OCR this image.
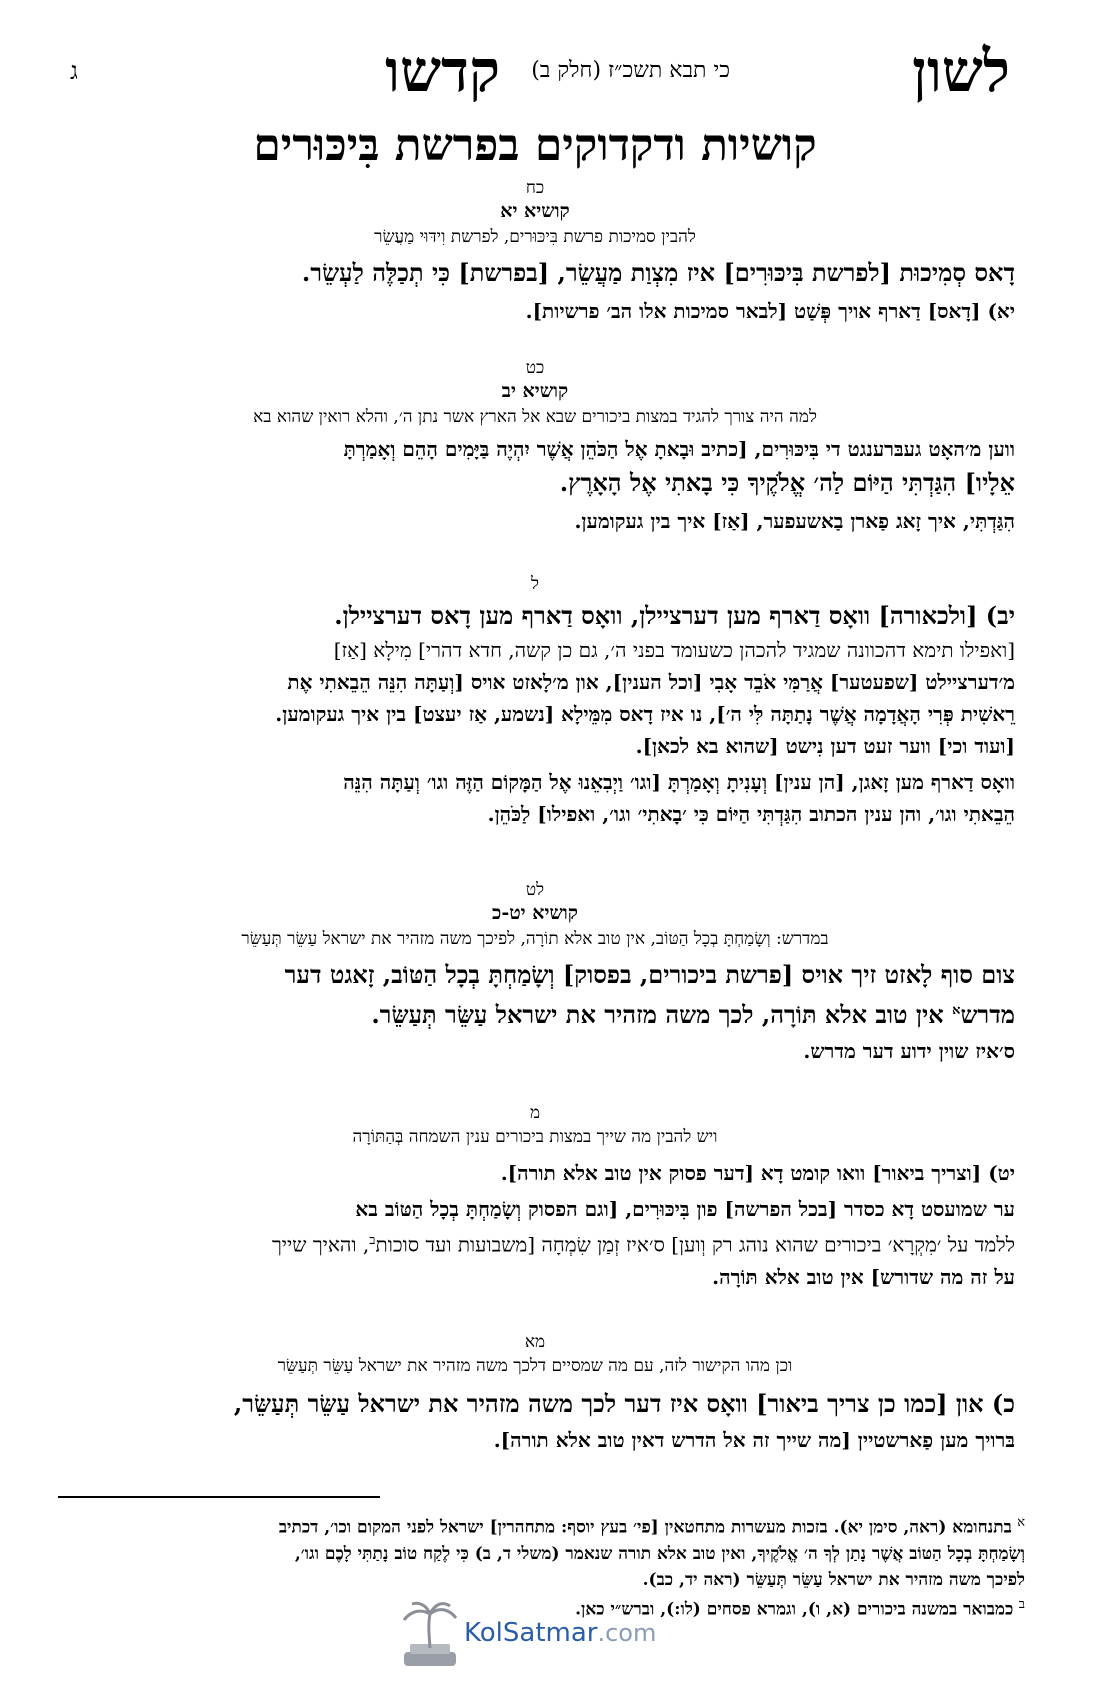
לשון
כי תבא תשכ״ז (חלק ב)
קדשו
ג
קושיות ודקדוקים בפרשת בִּיכּוּרים

כח

קושיא יא

להבין סמיכות פרשת בִּיכּוּרים, לפרשת וִידּוּי מַעֲשֵׂר

דָאס סְמִיכוּת [לפרשת בִּיכּוּרִים] איז מִצְוַת מַעֲשֵׂר, [בפרשת] כִּי תְכַלֶּה לַעְשֵׂר.

יא) [דָאס] דַארף אויך פְּשַׁט [לבאר סמיכות אלו הב׳ פרשיות].

כט

קושיא יב

למה היה צורך להגיד במצות ביכורים שבא אל הארץ אשר נתן ה׳, והלא רואין שהוא בא

ווען מ׳האָט געבּרענגט די בִּיכּוּרִים, [כתיב וּבָאתָ אֶל הַכֹּהֵן אֲשֶׁר יִהְיֶה בַּיָּמִים הָהֵם וְאָמַרְתָּ

אֵלָיו] הִגַּדְתִּי הַיּוֹם לַה׳ אֱלֹקֶיךָ כִּי בָאתִי אֶל הָאָרֶץ.

הִגַּדְתִּי, איך זָאג פַארן בַאשעפער, [אַז] איך בין געקומען.

ל

יב) [ולכאורה] וואָס דַארף מען דערציילן, וואָס דַארף מען דָאס דערציילן.

[ואפילו תימא דהכוונה שמגיד להכהן כשעומד בפני ה׳, גם כן קשה, חדא דהרי] מִילָא [אַז]

מ׳דערציילט [שפעטער] אֲרַמִּי אֹבֵד אָבִי [וכל הענין], און מ׳לָאזט אויס [וְעַתָּה הִנֵּה הֵבֵאתִי אֶת

רֵאשִׁית פְּרִי הָאֲדָמָה אֲשֶׁר נָתַתָּה לִּי ה׳], נו איז דָאס מִמֵּילָא [נשמע, אַז יעצט] בין איך געקומען.

[ועוד וכי] ווער זעט דען נִישט [שהוא בא לכאן].

וואָס דַארף מען זָאגן, [הן ענין] וְעָנִיתָ וְאָמַרְתָּ [וגו׳ וַיְבִאֵנוּ אֶל הַמָּקוֹם הַזֶּה וגו׳ וְעַתָּה הִנֵּה

הֵבֵאתִי וגו׳, והן ענין הכתוב הִגַּדְתִּי הַיּוֹם כִּי ׳בָאתִי׳ וגו׳, ואפילו] לַכֹּהֵן.

לט

קושיא יט-כ

במדרש: וְשָׂמַחְתָּ בְכָל הַטּוֹב, אין טוב אלא תוֹרָה, לפיכך משה מזהיר את ישראל עַשֵּׂר תְּעַשֵּׂר

צום סוף לָאזט זיך אויס [פרשת ביכורים, בפסוק] וְשָׂמַחְתָּ בְכָל הַטּוֹב, זָאגט דער

מדרש$^א$ אין טוב אלא תּוֹרָה, לכך משה מזהיר את ישראל עַשֵּׂר תְּעַשֵּׂר.

ס׳איז שוין ידוע דער מדרש.

מ

ויש להבין מה שייך במצות ביכורים ענין השמחה בְּהַתּוֹרָה

יט) [וצריך ביאור] וואו קומט דָא [דער פסוק אין טוב אלא תורה].

ער שמועסט דָא כסדר [בכל הפרשה] פון בִּיכּוּרִים, [וגם הפסוק וְשָׂמַחְתָּ בְכָל הַטּוֹב בא

ללמד על ׳מִקְרָא׳ ביכורים שהוא נוהג רק וְוען] ס׳איז זְמַן שִׂמְחָה [משבועות ועד סוכות$^ב$, והאיך שייך

על זה מה שדורש] אין טוב אלא תּוֹרָה.

מא

וכן מהו הקישור לזה, עם מה שמסיים דלכך משה מזהיר את ישראל עַשֵּׂר תְּעַשֵּׂר

כ) און [כמו כן צריך ביאור] וואָס איז דער לכך משה מזהיר את ישראל עַשֵּׂר תְּעַשֵּׂר,

בּרויך מען פַארשטיין [מה שייך זה אל הדרש דאין טוב אלא תורה].

$^א$ בתנחומא (ראה, סימן יא). בזכות מעשרות מתחטאין [פי׳ בעץ יוסף: מתחהרין] ישראל לפני המקום וכו׳, דכתיב

וְשָׂמַחְתָּ בְכָל הַטּוֹב אֲשֶׁר נָתַן לְךָ ה׳ אֱלֹקֶיךָ, ואין טוב אלא תורה שנאמר (משלי ד, ב) כִּי לֶקַח טוֹב נָתַתִּי לָכֶם וגו׳,

לפיכך משה מזהיר את ישראל עַשֵּׂר תְּעַשֵּׂר (ראה יד, כב).

$^ב$ כמבואר במשנה ביכורים (א, ו), וגמרא פסחים (לו:), וברש״י כאן.

KolSatmar.com
